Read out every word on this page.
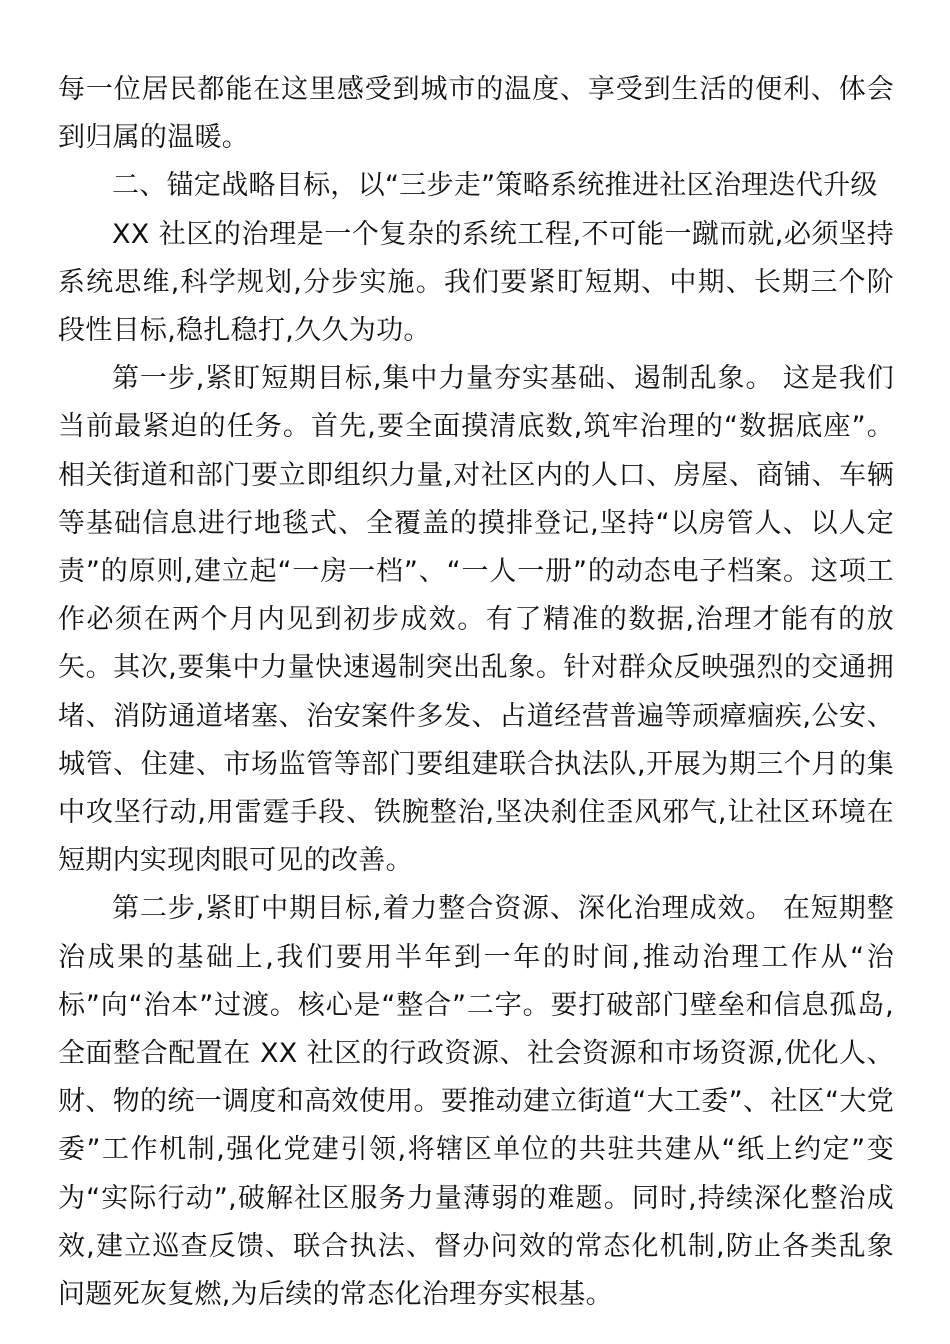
每一位居民都能在这里感受到城市的温度、享受到生活的便利、体会到归属的温暖。

二、锚定战略目标，以“三步走”策略系统推进社区治理迭代升级

XX 社区的治理是一个复杂的系统工程,不可能一蹴而就,必须坚持系统思维,科学规划,分步实施。我们要紧盯短期、中期、长期三个阶段性目标,稳扎稳打,久久为功。

第一步,紧盯短期目标,集中力量夯实基础、遏制乱象。 这是我们当前最紧迫的任务。首先,要全面摸清底数,筑牢治理的“数据底座”。相关街道和部门要立即组织力量,对社区内的人口、房屋、商铺、车辆等基础信息进行地毯式、全覆盖的摸排登记,坚持“以房管人、以人定责”的原则,建立起“一房一档”、“一人一册”的动态电子档案。这项工作必须在两个月内见到初步成效。有了精准的数据,治理才能有的放矢。其次,要集中力量快速遏制突出乱象。针对群众反映强烈的交通拥堵、消防通道堵塞、治安案件多发、占道经营普遍等顽瘴痼疾,公安、城管、住建、市场监管等部门要组建联合执法队,开展为期三个月的集中攻坚行动,用雷霆手段、铁腕整治,坚决刹住歪风邪气,让社区环境在短期内实现肉眼可见的改善。

第二步,紧盯中期目标,着力整合资源、深化治理成效。 在短期整治成果的基础上,我们要用半年到一年的时间,推动治理工作从“治标”向“治本”过渡。核心是“整合”二字。要打破部门壁垒和信息孤岛,全面整合配置在 XX 社区的行政资源、社会资源和市场资源,优化人、财、物的统一调度和高效使用。要推动建立街道“大工委”、社区“大党委”工作机制,强化党建引领,将辖区单位的共驻共建从“纸上约定”变为“实际行动”,破解社区服务力量薄弱的难题。同时,持续深化整治成效,建立巡查反馈、联合执法、督办问效的常态化机制,防止各类乱象问题死灰复燃,为后续的常态化治理夯实根基。
